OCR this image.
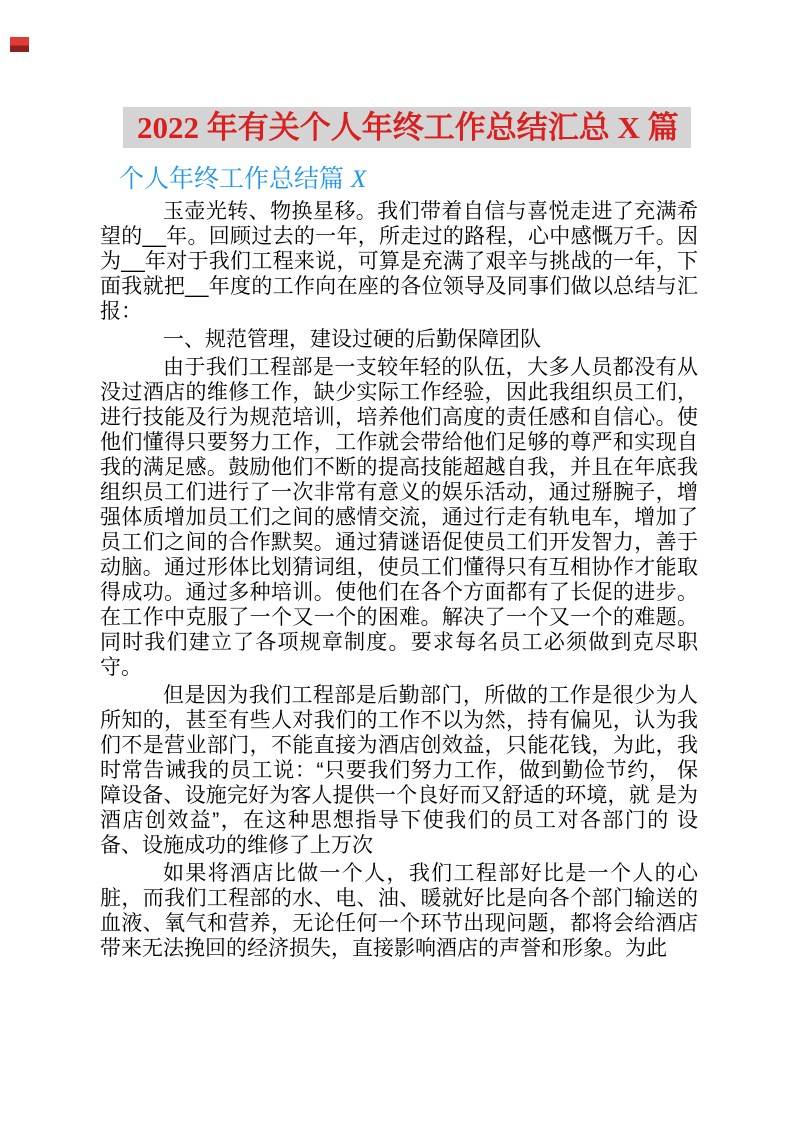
2022 年有关个人年终工作总结汇总 X 篇
个人年终工作总结篇 X

玉壶光转、物换星移。我们带着自信与喜悦走进了充满希望的__年。回顾过去的一年，所走过的路程，心中感慨万千。因为__年对于我们工程来说，可算是充满了艰辛与挑战的一年，下面我就把__年度的工作向在座的各位领导及同事们做以总结与汇报：

一、规范管理，建设过硬的后勤保障团队

由于我们工程部是一支较年轻的队伍，大多人员都没有从没过酒店的维修工作，缺少实际工作经验，因此我组织员工们，进行技能及行为规范培训，培养他们高度的责任感和自信心。使他们懂得只要努力工作，工作就会带给他们足够的尊严和实现自我的满足感。鼓励他们不断的提高技能超越自我，并且在年底我组织员工们进行了一次非常有意义的娱乐活动，通过掰腕子，增强体质增加员工们之间的感情交流，通过行走有轨电车，增加了员工们之间的合作默契。通过猜谜语促使员工们开发智力，善于动脑。通过形体比划猜词组，使员工们懂得只有互相协作才能取得成功。通过多种培训。使他们在各个方面都有了长促的进步。在工作中克服了一个又一个的困难。解决了一个又一个的难题。同时我们建立了各项规章制度。要求每名员工必须做到克尽职守。

但是因为我们工程部是后勤部门，所做的工作是很少为人所知的，甚至有些人对我们的工作不以为然，持有偏见，认为我们不是营业部门，不能直接为酒店创效益，只能花钱，为此，我时常告诫我的员工说：“只要我们努力工作，做到勤俭节约， 保障设备、设施完好为客人提供一个良好而又舒适的环境，就 是为酒店创效益”，在这种思想指导下使我们的员工对各部门的 设备、设施成功的维修了上万次

如果将酒店比做一个人，我们工程部好比是一个人的心脏，而我们工程部的水、电、油、暖就好比是向各个部门输送的血液、氧气和营养，无论任何一个环节出现问题，都将会给酒店带来无法挽回的经济损失，直接影响酒店的声誉和形象。为此
